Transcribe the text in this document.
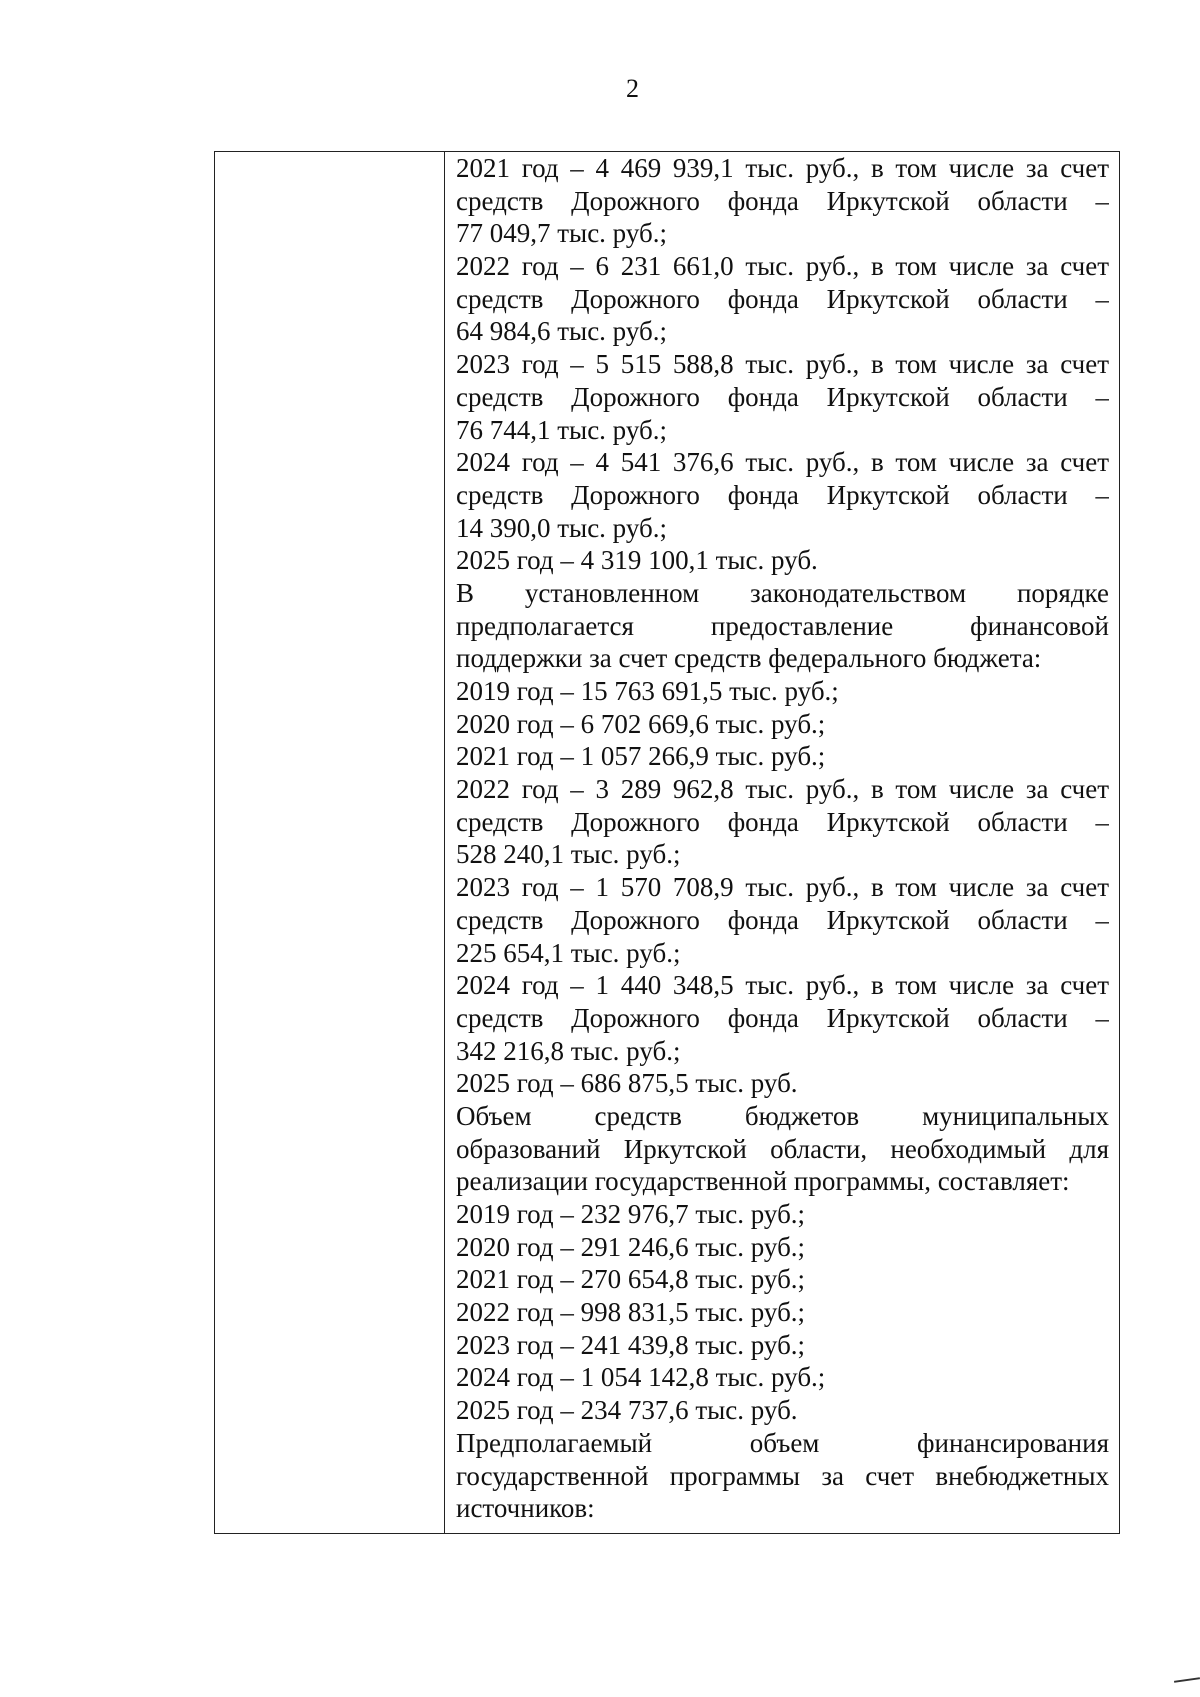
2
2021 год – 4 469 939,1 тыс. руб., в том числе за счет
средств Дорожного фонда Иркутской области –
77 049,7 тыс. руб.;
2022 год – 6 231 661,0 тыс. руб., в том числе за счет
средств Дорожного фонда Иркутской области –
64 984,6 тыс. руб.;
2023 год – 5 515 588,8 тыс. руб., в том числе за счет
средств Дорожного фонда Иркутской области –
76 744,1 тыс. руб.;
2024 год – 4 541 376,6 тыс. руб., в том числе за счет
средств Дорожного фонда Иркутской области –
14 390,0 тыс. руб.;
2025 год – 4 319 100,1 тыс. руб.
В установленном законодательством порядке
предполагается предоставление финансовой
поддержки за счет средств федерального бюджета:
2019 год – 15 763 691,5 тыс. руб.;
2020 год – 6 702 669,6 тыс. руб.;
2021 год – 1 057 266,9 тыс. руб.;
2022 год – 3 289 962,8 тыс. руб., в том числе за счет
средств Дорожного фонда Иркутской области –
528 240,1 тыс. руб.;
2023 год – 1 570 708,9 тыс. руб., в том числе за счет
средств Дорожного фонда Иркутской области –
225 654,1 тыс. руб.;
2024 год – 1 440 348,5 тыс. руб., в том числе за счет
средств Дорожного фонда Иркутской области –
342 216,8 тыс. руб.;
2025 год – 686 875,5 тыс. руб.
Объем средств бюджетов муниципальных
образований Иркутской области, необходимый для
реализации государственной программы, составляет:
2019 год – 232 976,7 тыс. руб.;
2020 год – 291 246,6 тыс. руб.;
2021 год – 270 654,8 тыс. руб.;
2022 год – 998 831,5 тыс. руб.;
2023 год – 241 439,8 тыс. руб.;
2024 год – 1 054 142,8 тыс. руб.;
2025 год – 234 737,6 тыс. руб.
Предполагаемый объем финансирования
государственной программы за счет внебюджетных
источников:
